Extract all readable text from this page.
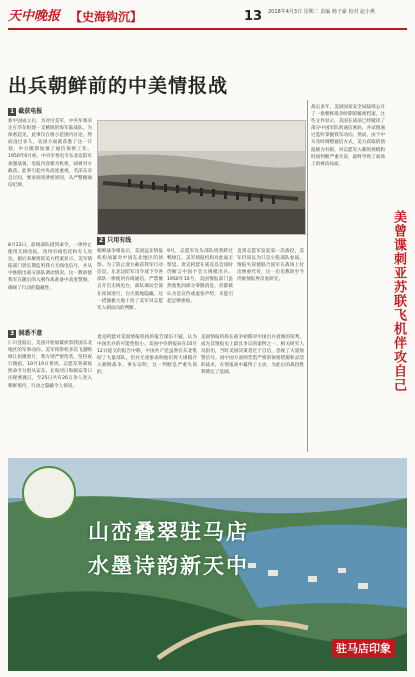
天中晚报 【史海钩沉】	13 2018年4月3日 星期二 责编 杨子豪 校对 赵小燕
出兵朝鲜前的中美情报战
1 截获电报
新中国成立后，为对付美军，中央军委决定在华东组建一支精锐的海军陆战队。为保密起见，此事仅在很小范围内讨论。然而没过多久，美国方面就获悉了这一计划，中方随即加强了通信保密工作。1950年6月初，中央军委电令东北边防军加强战备，电报内容极为机密，却被对方截获。此事引起中央高度重视，毛泽东亲自过问，要求彻查泄密原因，从严整顿通信纪律。
8月23日，前线部队接到命令，一律停止使用无线电报，改用有线电话和专人送达。据后来解密的美方档案显示，美军情报部门曾长期监听我方无线电信号，并从中推断出部分部队调动情况。这一教训使我军在随后的入朝作战准备中高度警惕，确保了行动的隐蔽性。
2 只用有线
朝鲜战争爆发后，美国远东情报机构加紧对中国东北地区的侦察。为了防止敌方截获我军行动信息，东北边防军司令部下令各部队一律使用有线通信，严禁擅自开启无线电台，部队调动全部在夜间进行，白天就地隐蔽。这一措施极大地干扰了美军对志愿军入朝动向的判断。
9月，志愿军先头部队悄然跨过鸭绿江，美军情报机构对此毫无察觉。麦克阿瑟在威克岛会谈时仍断言中国不会大规模出兵。1950年10月，美国情报部门虽然收集到部分零散消息，但都被认为是宣传或虚张声势，未能引起足够重视。
直到志愿军发起第一次战役，美军仍误以为只是小股部队参战。情报失误使联合国军在战场上付出惨重代价，这一历史教训至今仍被情报界反复研究。
3 洞悉不意
仁川登陆后，美国开始加紧侦察我国东北地区的军事动向。美军侦察机多次飞越鸭绿江拍摄照片，我方则严密伪装，坚持夜行晓宿。10月19日黄昏，志愿军各部按照命令分别从安东、长甸河口和辑安等口岸秘密渡江，至25日共有26万余人进入朝鲜境内，行动之隐蔽令人惊叹。
麦克阿瑟对美国情报机构的报告深信不疑，认为中国出兵的可能性很小。美国中央情报局在10月12日提交的报告中称，中国共产党虽然在东北集结了大量部队，但并无迹象表明他们将大规模介入朝鲜战争。事实证明，这一判断是严重失误的。
美国情报机构在战争初期对中国出兵意图的误判，成为其情报史上最具争议的案例之一。相关研究人员指出，当时美国决策者过于自信，忽视了大量预警信号。而中国方面则凭借严密的保密措施和灵活的战术，在情报战中赢得了主动，为此后的战役胜利奠定了基础。
战后多年，美国国家安全局陆续公开了一批朝鲜战争时期的解密档案。这些文件显示，美国在战前已经破译了部分中国军队的通信密码，并试图通过监听掌握我军动向。然而，由于中方及时调整通信方式，美方获取的情报极为有限，对志愿军入朝的规模和时间判断严重失误，最终导致了战场上的被动局面。
美曾谍刺亚苏联飞机伴攻自己
山峦叠翠驻马店
水墨诗韵新天中
驻马店印象
